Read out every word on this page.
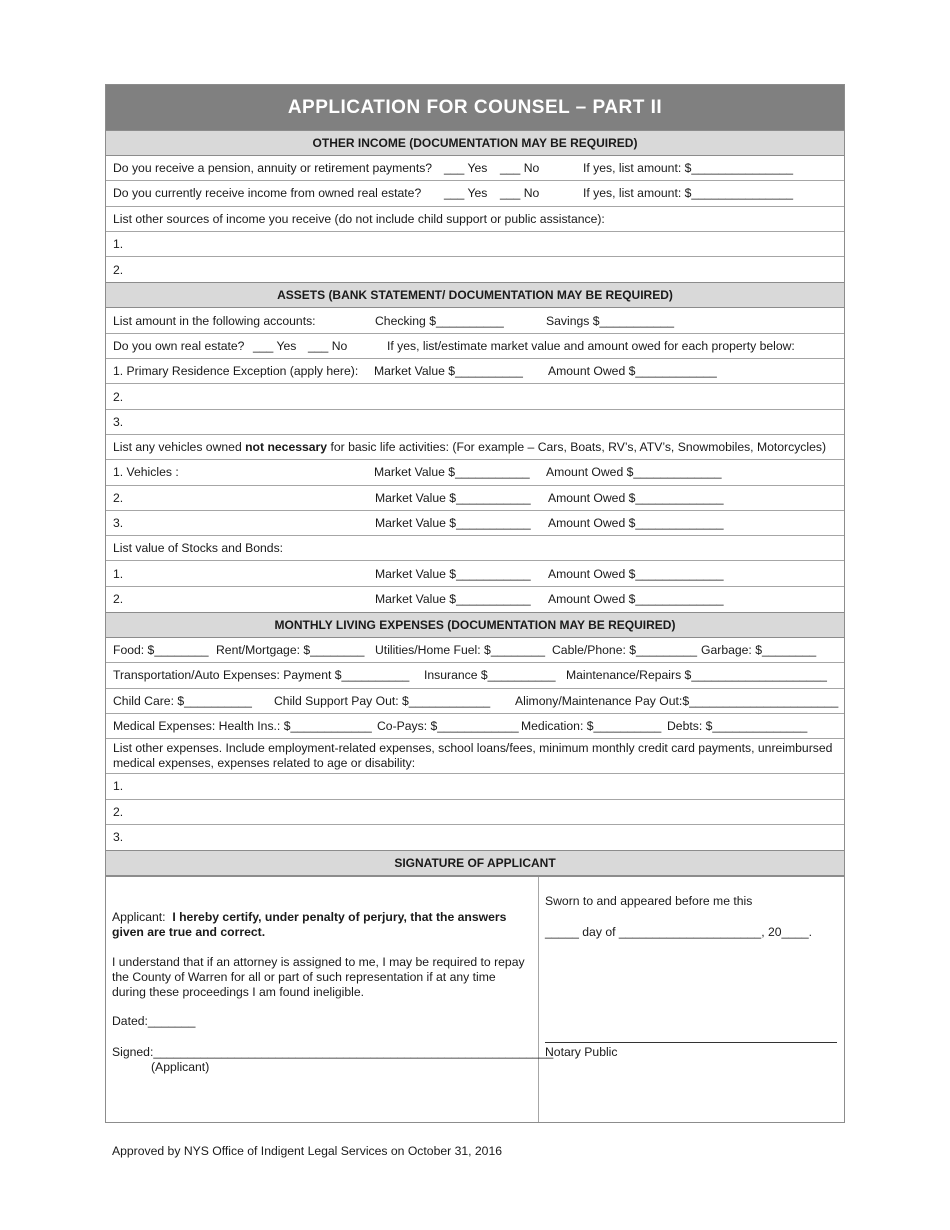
APPLICATION FOR COUNSEL – PART II
OTHER INCOME (DOCUMENTATION MAY BE REQUIRED)
Do you receive a pension, annuity or retirement payments? ___ Yes ___ No	If yes, list amount: $_______________
Do you currently receive income from owned real estate? ___ Yes ___ No	If yes, list amount: $_______________
List other sources of income you receive (do not include child support or public assistance):
1.
2.
ASSETS (BANK STATEMENT/ DOCUMENTATION MAY BE REQUIRED)
List amount in the following accounts:	Checking $__________	Savings $___________
Do you own real estate? ___ Yes ___ No	If yes, list/estimate market value and amount owed for each property below:
1. Primary Residence Exception (apply here): Market Value $__________ Amount Owed $____________
2.
3.
List any vehicles owned not necessary for basic life activities: (For example – Cars, Boats, RV’s, ATV’s, Snowmobiles, Motorcycles)
1. Vehicles :	Market Value $___________ Amount Owed $_____________
2.	Market Value $___________ Amount Owed $_____________
3.	Market Value $___________ Amount Owed $_____________
List value of Stocks and Bonds:
1.	Market Value $___________ Amount Owed $_____________
2.	Market Value $___________ Amount Owed $_____________
MONTHLY LIVING EXPENSES (DOCUMENTATION MAY BE REQUIRED)
Food: $________ Rent/Mortgage: $________ Utilities/Home Fuel: $________ Cable/Phone: $_________ Garbage: $________
Transportation/Auto Expenses: Payment $__________ Insurance $__________ Maintenance/Repairs $____________________
Child Care: $__________ Child Support Pay Out: $____________ Alimony/Maintenance Pay Out:$______________________
Medical Expenses: Health Ins.: $____________ Co-Pays: $____________ Medication: $__________ Debts: $______________
List other expenses. Include employment-related expenses, school loans/fees, minimum monthly credit card payments, unreimbursed medical expenses, expenses related to age or disability:
1.
2.
3.
SIGNATURE OF APPLICANT
Applicant: I hereby certify, under penalty of perjury, that the answers given are true and correct.
I understand that if an attorney is assigned to me, I may be required to repay the County of Warren for all or part of such representation if at any time during these proceedings I am found ineligible.
Dated:_______
Signed:___________________________________________________________
(Applicant)
Sworn to and appeared before me this
_____ day of _____________________, 20____.
Notary Public
Approved by NYS Office of Indigent Legal Services on October 31, 2016
